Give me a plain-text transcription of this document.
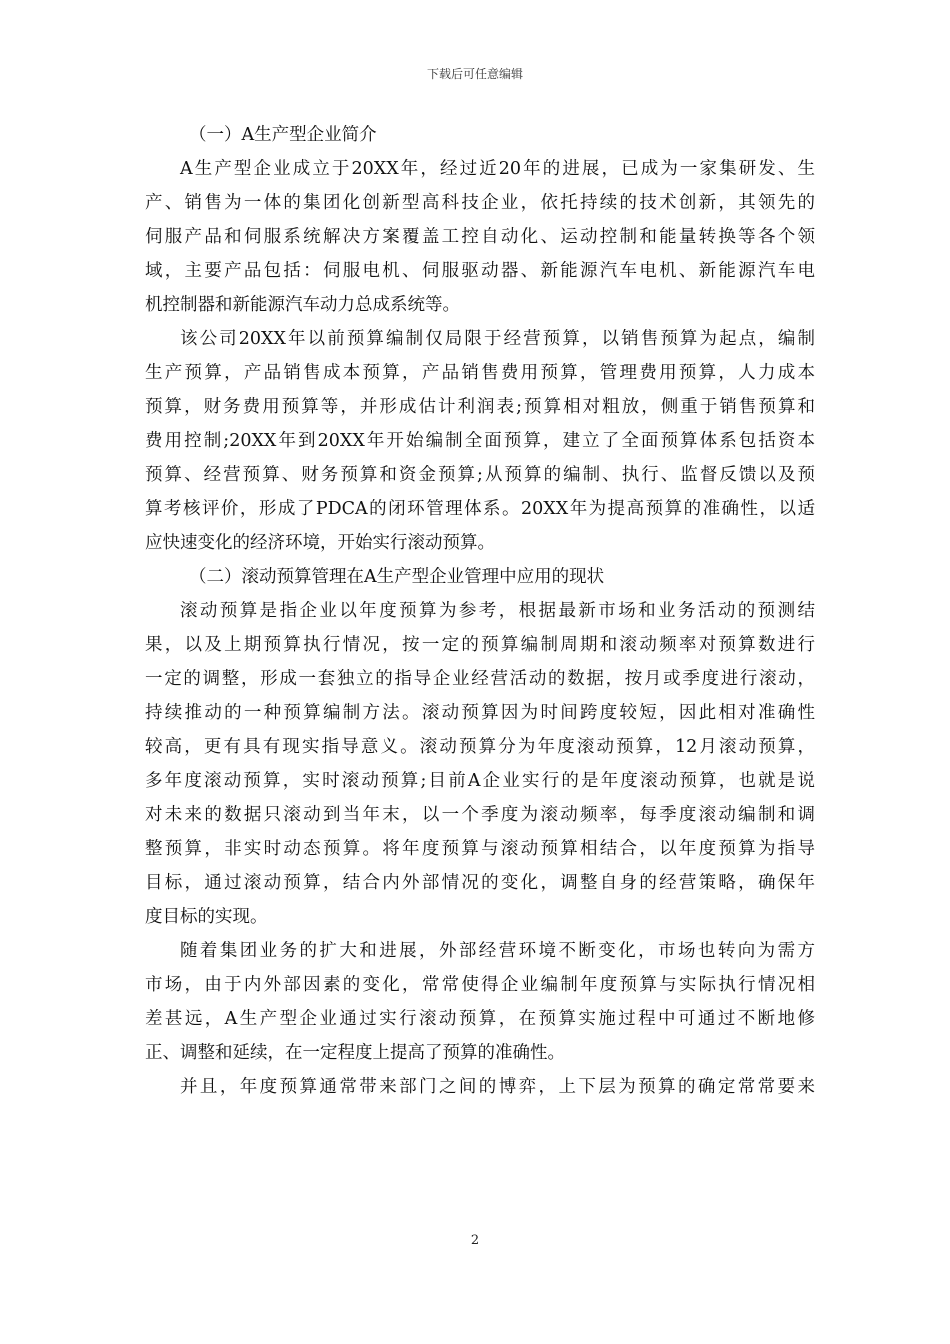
下载后可任意编辑
（一）A生产型企业简介
A生产型企业成立于20XX年，经过近20年的进展，已成为一家集研发、生
产、销售为一体的集团化创新型高科技企业，依托持续的技术创新，其领先的
伺服产品和伺服系统解决方案覆盖工控自动化、运动控制和能量转换等各个领
域，主要产品包括：伺服电机、伺服驱动器、新能源汽车电机、新能源汽车电
机控制器和新能源汽车动力总成系统等。
该公司20XX年以前预算编制仅局限于经营预算，以销售预算为起点，编制
生产预算，产品销售成本预算，产品销售费用预算，管理费用预算，人力成本
预算，财务费用预算等，并形成估计利润表;预算相对粗放，侧重于销售预算和
费用控制;20XX年到20XX年开始编制全面预算，建立了全面预算体系包括资本
预算、经营预算、财务预算和资金预算;从预算的编制、执行、监督反馈以及预
算考核评价，形成了PDCA的闭环管理体系。20XX年为提高预算的准确性，以适
应快速变化的经济环境，开始实行滚动预算。
（二）滚动预算管理在A生产型企业管理中应用的现状
滚动预算是指企业以年度预算为参考，根据最新市场和业务活动的预测结
果，以及上期预算执行情况，按一定的预算编制周期和滚动频率对预算数进行
一定的调整，形成一套独立的指导企业经营活动的数据，按月或季度进行滚动，
持续推动的一种预算编制方法。滚动预算因为时间跨度较短，因此相对准确性
较高，更有具有现实指导意义。滚动预算分为年度滚动预算，12月滚动预算，
多年度滚动预算，实时滚动预算;目前A企业实行的是年度滚动预算，也就是说
对未来的数据只滚动到当年末，以一个季度为滚动频率，每季度滚动编制和调
整预算，非实时动态预算。将年度预算与滚动预算相结合，以年度预算为指导
目标，通过滚动预算，结合内外部情况的变化，调整自身的经营策略，确保年
度目标的实现。
随着集团业务的扩大和进展，外部经营环境不断变化，市场也转向为需方
市场，由于内外部因素的变化，常常使得企业编制年度预算与实际执行情况相
差甚远，A生产型企业通过实行滚动预算，在预算实施过程中可通过不断地修
正、调整和延续，在一定程度上提高了预算的准确性。
并且，年度预算通常带来部门之间的博弈，上下层为预算的确定常常要来
2
